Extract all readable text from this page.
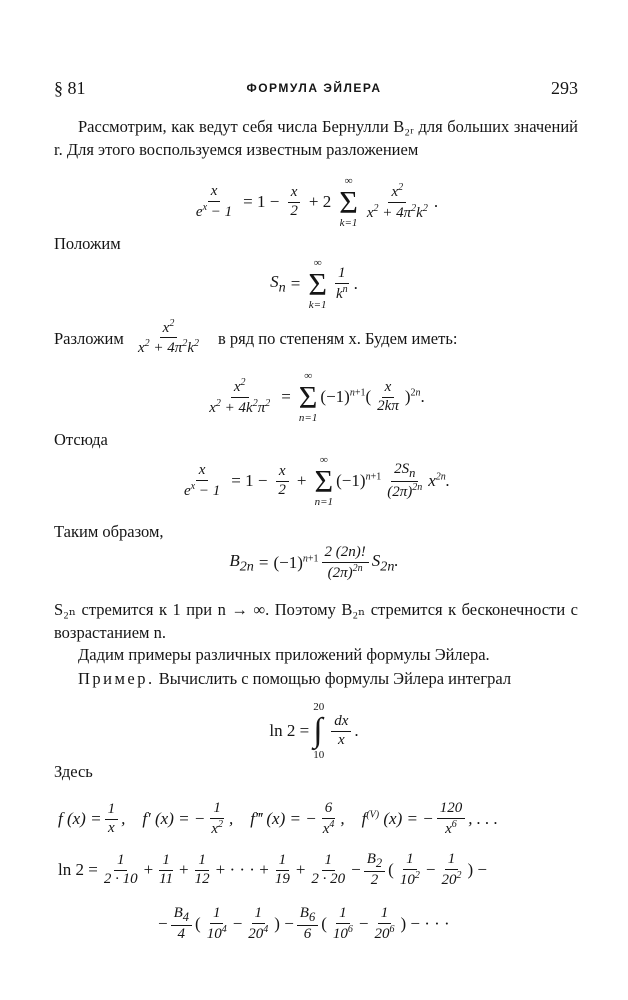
§ 81	ФОРМУЛА ЭЙЛЕРА	293
Рассмотрим, как ведут себя числа Бернулли B₂ᵣ для больших значений r. Для этого воспользуемся известным разложением
$\frac{x}{e^x - 1} = 1 - \frac{x}{2} + 2$
∞
Σ
k=1
$\frac{x^2}{x^2 + 4\pi^2k^2}$ .
Положим
$S_n$ =
∞
Σ
k=1
$\frac{1}{k^n}$ .
Разложим $\frac{x^2}{x^2 + 4\pi^2k^2}$ в ряд по степеням x. Будем иметь:
$\frac{x^2}{x^2 + 4k^2\pi^2}$ =
∞
Σ
n=1
$(-1)^{n+1}( \frac{x}{2k\pi} )^{2n}$.
Отсюда
$\frac{x}{e^x - 1} = 1 - \frac{x}{2}$ +
∞
Σ
n=1
$(-1)^{n+1} \frac{2S_n}{(2\pi)^{2n}} x^{2n}$.
Таким образом,
$B_{2n} = (-1)^{n+1} \frac{2 (2n)!}{(2\pi)^{2n}} S_{2n}$.
S₂ₙ стремится к 1 при n → ∞. Поэтому B₂ₙ стремится к бесконечности с возрастанием n.
Дадим примеры различных приложений формулы Эйлера.
Пример. Вычислить с помощью формулы Эйлера интеграл
ln 2 =
20
∫
10
$\frac{dx}{x}$ .
Здесь
f $(x) = \frac{1}{x}$ ,    f′ (x) = − $\frac{1}{x^2}$ ,    f‴ (x) = − $\frac{6}{x^4}$ ,    $f^{(V)}$ (x) = − $\frac{120}{x^6}$ , . . .
$\ln 2 = \frac{1}{2 \cdot 10} + \frac{1}{11} + \frac{1}{12}$ + · · · + $\frac{1}{19} + \frac{1}{2 \cdot 20} - \frac{B_2}{2}$ ( $\frac{1}{10^2} - \frac{1}{20^2}$ ) −
− $\frac{B_4}{4}$ ( $\frac{1}{10^4} - \frac{1}{20^4}$ ) − $\frac{B_6}{6}$ ( $\frac{1}{10^6} - \frac{1}{20^6}$ ) − · · ·
